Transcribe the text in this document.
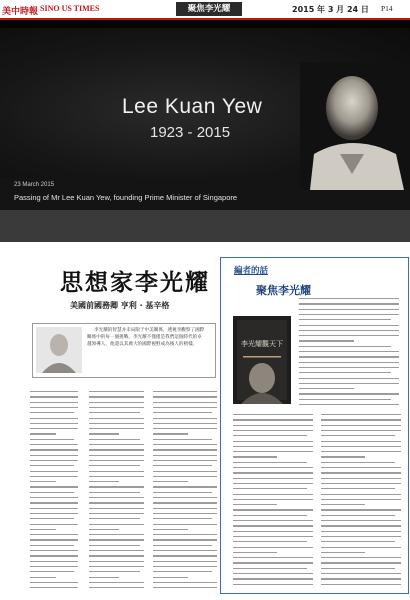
美中時報 SINO US TIMES	聚焦李光耀	2015 年 3 月 24 日 P14
Lee Kuan Yew
1923 - 2015
23 March 2015
Passing of Mr Lee Kuan Yew, founding Prime Minister of Singapore
思想家李光耀
美國前國務卿 亨利 · 基辛格
李光耀的智慧并未局限于中美關係，透視李觀察了國際關係中的每一個挑戰，李光耀不僅僅是我們這個時代的卓越領導人，他還以其廣大的國際視野成為後人的榜樣。
編者的話
聚焦李光耀
李光耀觀天下
